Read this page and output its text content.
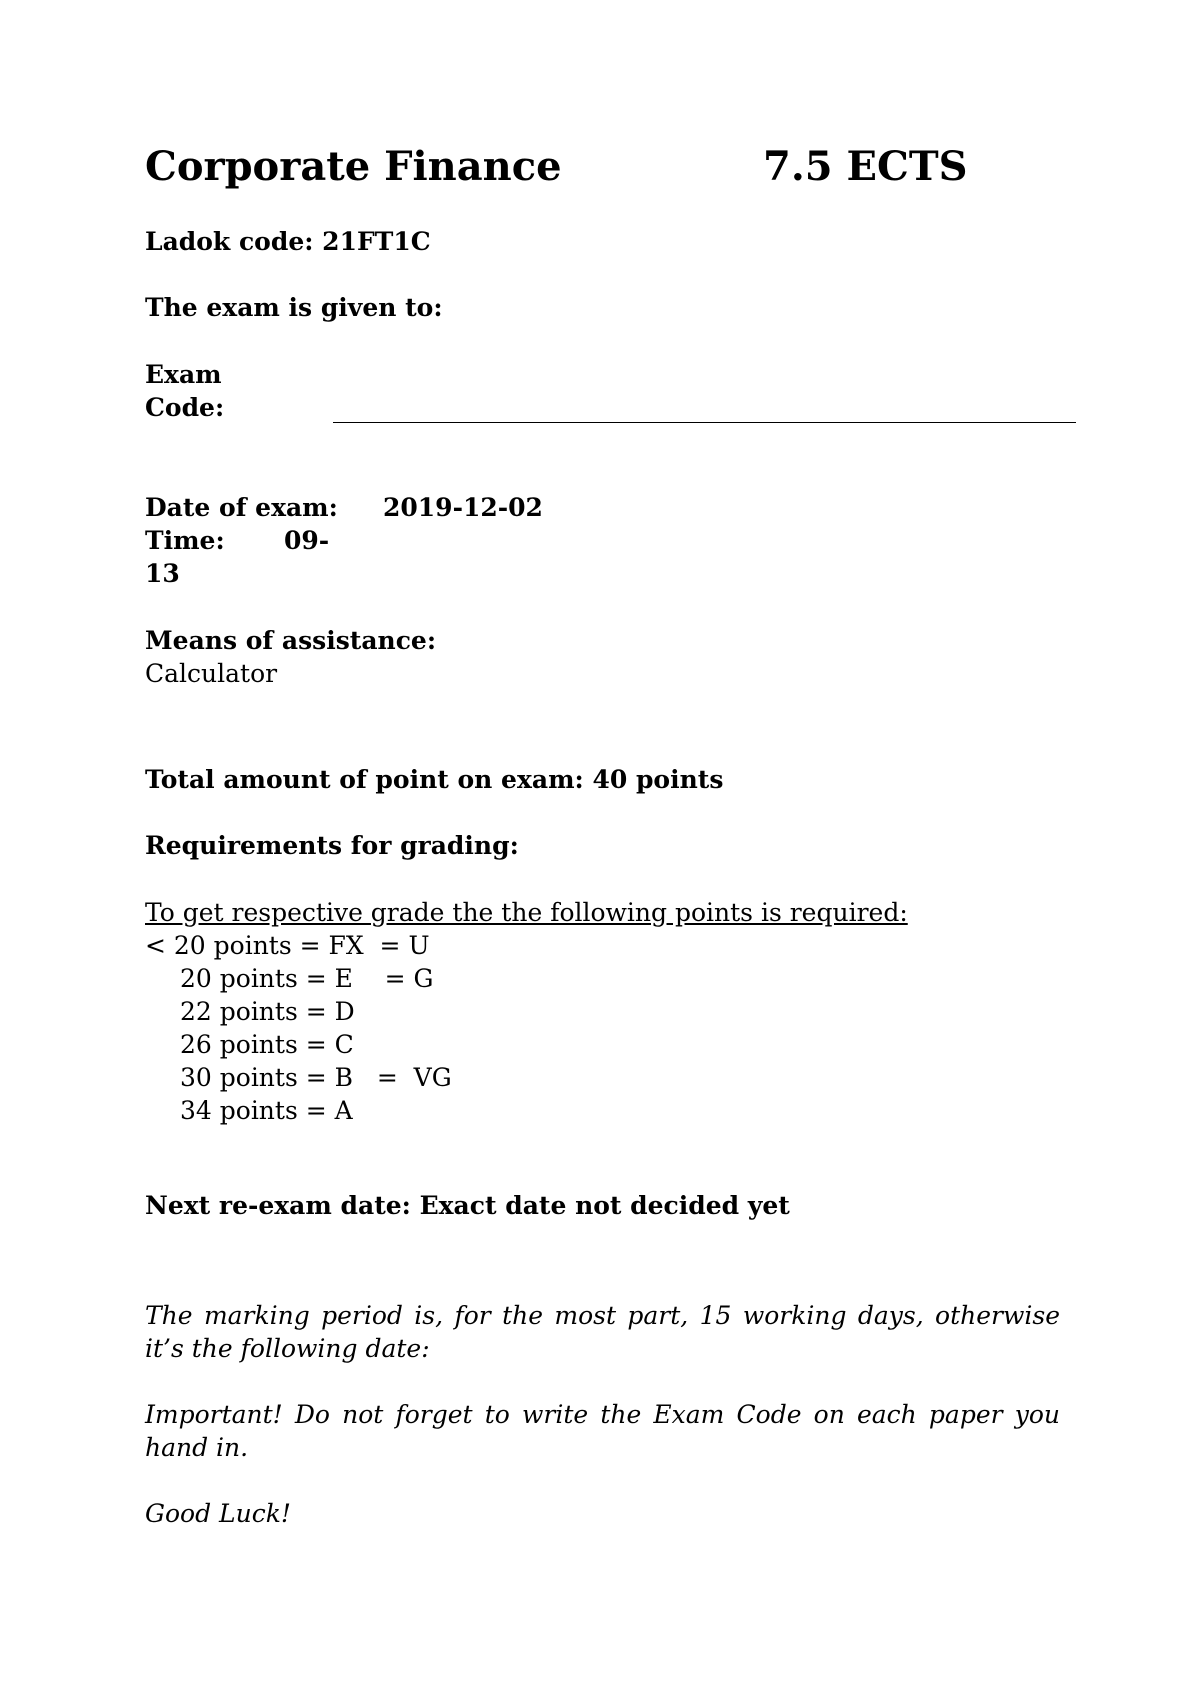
Corporate Finance	7.5 ECTS
Ladok code: 21FT1C
The exam is given to:
Exam
Code:
Date of exam: 2019-12-02
Time: 09-
13
Means of assistance:
Calculator
Total amount of point on exam: 40 points
Requirements for grading:
To get respective grade the the following points is required:
< 20 points = FX  = U
20 points = E    = G
22 points = D
26 points = C
30 points = B   =  VG
34 points = A
Next re-exam date: Exact date not decided yet
The marking period is, for the most part, 15 working days, otherwise it’s the following date:
Important! Do not forget to write the Exam Code on each paper you hand in.
Good Luck!
